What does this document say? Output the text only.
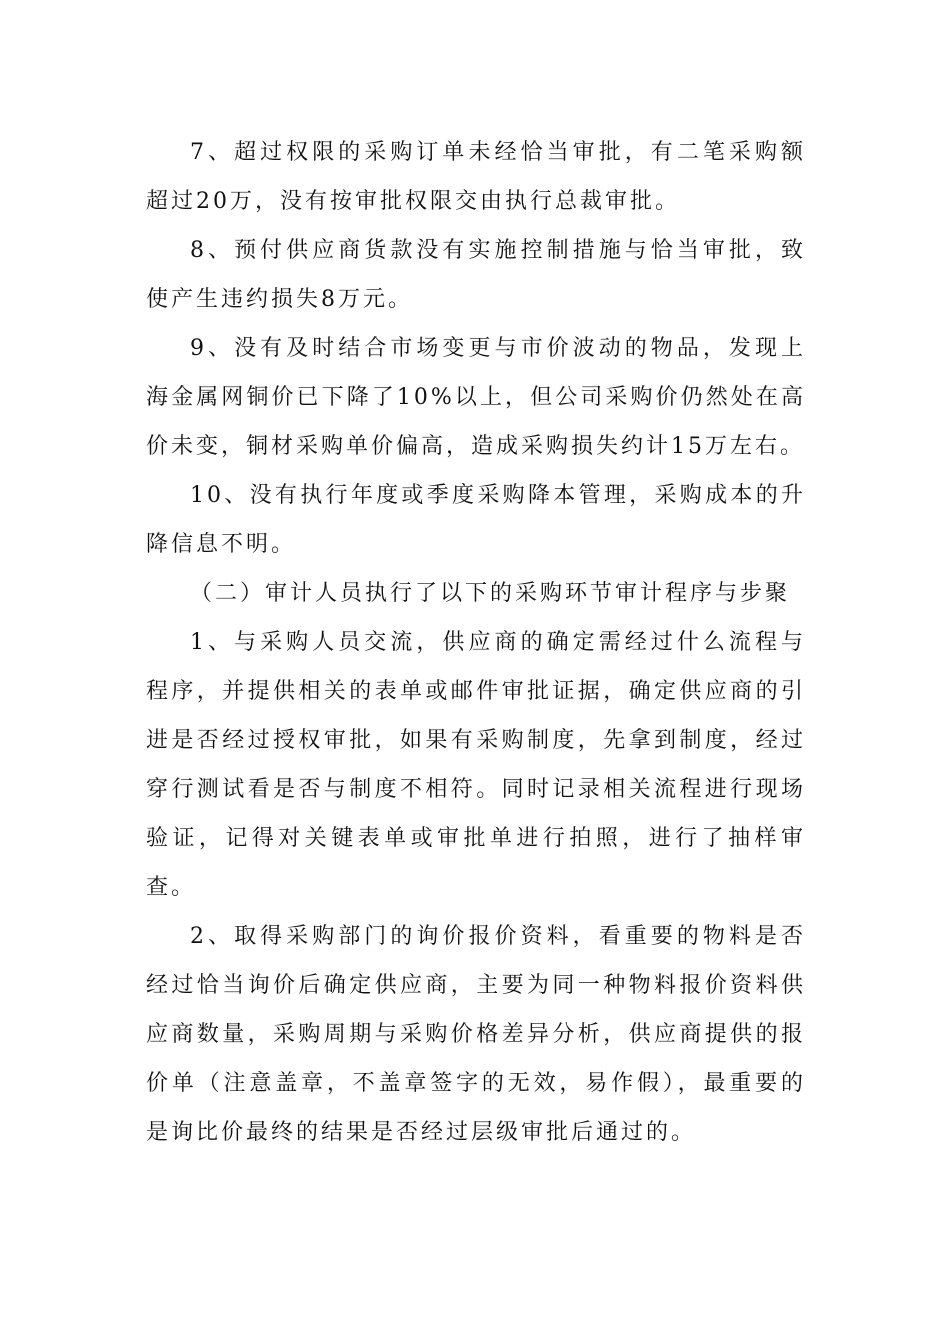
7、超过权限的采购订单未经恰当审批，有二笔采购额超过20万，没有按审批权限交由执行总裁审批。

8、预付供应商货款没有实施控制措施与恰当审批，致使产生违约损失8万元。

9、没有及时结合市场变更与市价波动的物品，发现上海金属网铜价已下降了10%以上，但公司采购价仍然处在高价未变，铜材采购单价偏高，造成采购损失约计15万左右。

10、没有执行年度或季度采购降本管理，采购成本的升降信息不明。

（二）审计人员执行了以下的采购环节审计程序与步聚

1、与采购人员交流，供应商的确定需经过什么流程与程序，并提供相关的表单或邮件审批证据，确定供应商的引进是否经过授权审批，如果有采购制度，先拿到制度，经过穿行测试看是否与制度不相符。同时记录相关流程进行现场验证，记得对关键表单或审批单进行拍照，进行了抽样审查。

2、取得采购部门的询价报价资料，看重要的物料是否经过恰当询价后确定供应商，主要为同一种物料报价资料供应商数量，采购周期与采购价格差异分析，供应商提供的报价单（注意盖章，不盖章签字的无效，易作假），最重要的是询比价最终的结果是否经过层级审批后通过的。
